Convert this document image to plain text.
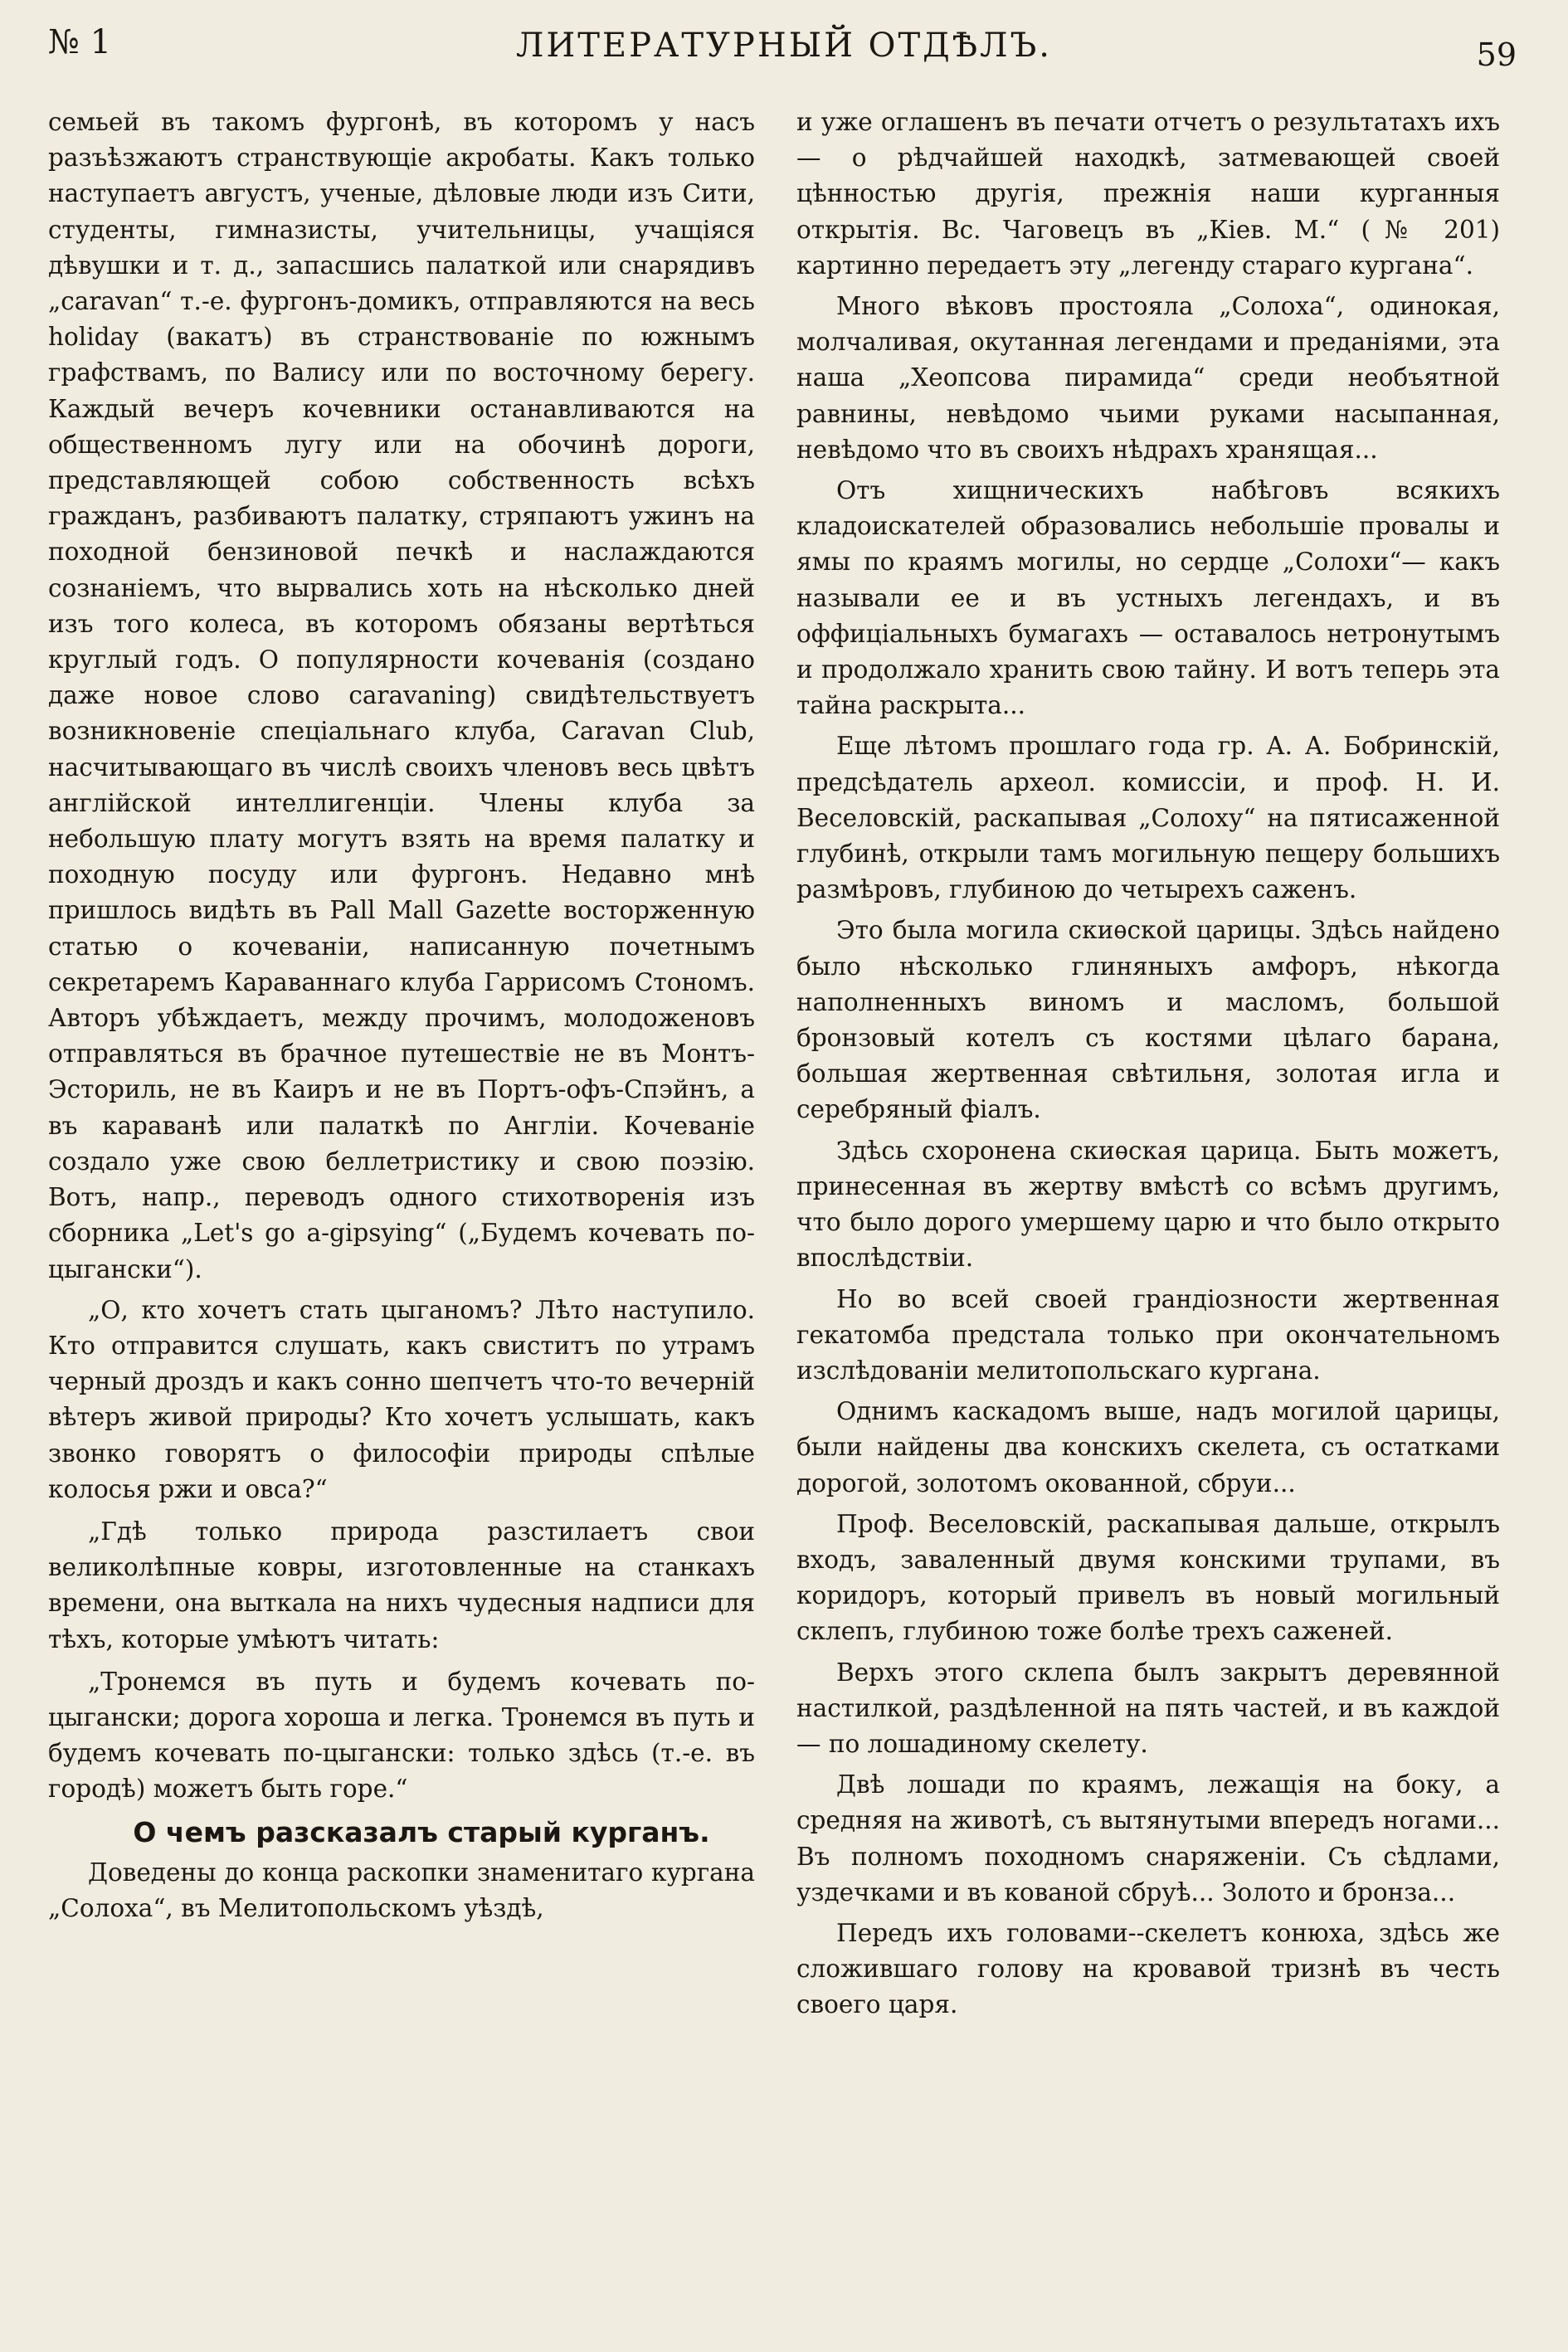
№ 1	ЛИТЕРАТУРНЫЙ ОТДѢЛЪ.	59

семьей въ такомъ фургонѣ, въ которомъ у насъ разъѣзжаютъ странствующіе акробаты. Какъ только наступаетъ августъ, ученые, дѣловые люди изъ Сити, студенты, гимназисты, учительницы, учащіяся дѣвушки и т. д., запасшись палаткой или снарядивъ „caravan“ т.-е. фургонъ-домикъ, отправляются на весь holiday (вакатъ) въ странствованіе по южнымъ графствамъ, по Валису или по восточному берегу. Каждый вечеръ кочевники останавливаются на общественномъ лугу или на обочинѣ дороги, представляющей собою собственность всѣхъ гражданъ, разбиваютъ палатку, стряпаютъ ужинъ на походной бензиновой печкѣ и наслаждаются сознаніемъ, что вырвались хоть на нѣсколько дней изъ того колеса, въ которомъ обязаны вертѣться круглый годъ. О популярности кочеванія (создано даже новое слово caravaning) свидѣтельствуетъ возникновеніе спеціальнаго клуба, Caravan Club, насчитывающаго въ числѣ своихъ членовъ весь цвѣтъ англійской интеллигенціи. Члены клуба за небольшую плату могутъ взять на время палатку и походную посуду или фургонъ. Недавно мнѣ пришлось видѣть въ Pall Mall Gazette восторженную статью о кочеваніи, написанную почетнымъ секретаремъ Караваннаго клуба Гаррисомъ Стономъ. Авторъ убѣждаетъ, между прочимъ, молодоженовъ отправляться въ брачное путешествіе не въ Монтъ-Эсториль, не въ Каиръ и не въ Портъ-офъ-Спэйнъ, а въ караванѣ или палаткѣ по Англіи. Кочеваніе создало уже свою беллетристику и свою поэзію. Вотъ, напр., переводъ одного стихотворенія изъ сборника „Let's go a-gipsying“ („Будемъ кочевать по-цыгански“).

„О, кто хочетъ стать цыганомъ? Лѣто наступило. Кто отправится слушать, какъ свиститъ по утрамъ черный дроздъ и какъ сонно шепчетъ что-то вечерній вѣтеръ живой природы? Кто хочетъ услышать, какъ звонко говорятъ о философіи природы спѣлые колосья ржи и овса?“

„Гдѣ только природа разстилаетъ свои великолѣпные ковры, изготовленные на станкахъ времени, она выткала на нихъ чудесныя надписи для тѣхъ, которые умѣютъ читать:

„Тронемся въ путь и будемъ кочевать по-цыгански; дорога хороша и легка. Тронемся въ путь и будемъ кочевать по-цыгански: только здѣсь (т.-е. въ городѣ) можетъ быть горе.“

О чемъ разсказалъ старый курганъ.

Доведены до конца раскопки знаменитаго кургана „Солоха“, въ Мелитопольскомъ уѣздѣ,

и уже оглашенъ въ печати отчетъ о результатахъ ихъ — о рѣдчайшей находкѣ, затмевающей своей цѣнностью другія, прежнія наши курганныя открытія. Вс. Чаговецъ въ „Кіев. М.“ (№ 201) картинно передаетъ эту „легенду стараго кургана“.

Много вѣковъ простояла „Солоха“, одинокая, молчаливая, окутанная легендами и преданіями, эта наша „Хеопсова пирамида“ среди необъятной равнины, невѣдомо чьими руками насыпанная, невѣдомо что въ своихъ нѣдрахъ хранящая...

Отъ хищническихъ набѣговъ всякихъ кладоискателей образовались небольшіе провалы и ямы по краямъ могилы, но сердце „Солохи“— какъ называли ее и въ устныхъ легендахъ, и въ оффиціальныхъ бумагахъ — оставалось нетронутымъ и продолжало хранить свою тайну. И вотъ теперь эта тайна раскрыта...

Еще лѣтомъ прошлаго года гр. А. А. Бобринскій, предсѣдатель археол. комиссіи, и проф. Н. И. Веселовскій, раскапывая „Солоху“ на пятисаженной глубинѣ, открыли тамъ могильную пещеру большихъ размѣровъ, глубиною до четырехъ саженъ.

Это была могила скиѳской царицы. Здѣсь найдено было нѣсколько глиняныхъ амфоръ, нѣкогда наполненныхъ виномъ и масломъ, большой бронзовый котелъ съ костями цѣлаго барана, большая жертвенная свѣтильня, золотая игла и серебряный фіалъ.

Здѣсь схоронена скиѳская царица. Быть можетъ, принесенная въ жертву вмѣстѣ со всѣмъ другимъ, что было дорого умершему царю и что было открыто впослѣдствіи.

Но во всей своей грандіозности жертвенная гекатомба предстала только при окончательномъ изслѣдованіи мелитопольскаго кургана.

Однимъ каскадомъ выше, надъ могилой царицы, были найдены два конскихъ скелета, съ остатками дорогой, золотомъ окованной, сбруи...

Проф. Веселовскій, раскапывая дальше, открылъ входъ, заваленный двумя конскими трупами, въ коридоръ, который привелъ въ новый могильный склепъ, глубиною тоже болѣе трехъ саженей.

Верхъ этого склепа былъ закрытъ деревянной настилкой, раздѣленной на пять частей, и въ каждой — по лошадиному скелету.

Двѣ лошади по краямъ, лежащія на боку, а средняя на животѣ, съ вытянутыми впередъ ногами... Въ полномъ походномъ снаряженіи. Съ сѣдлами, уздечками и въ кованой сбруѣ... Золото и бронза...

Передъ ихъ головами--скелетъ конюха, здѣсь же сложившаго голову на кровавой тризнѣ въ честь своего царя.
